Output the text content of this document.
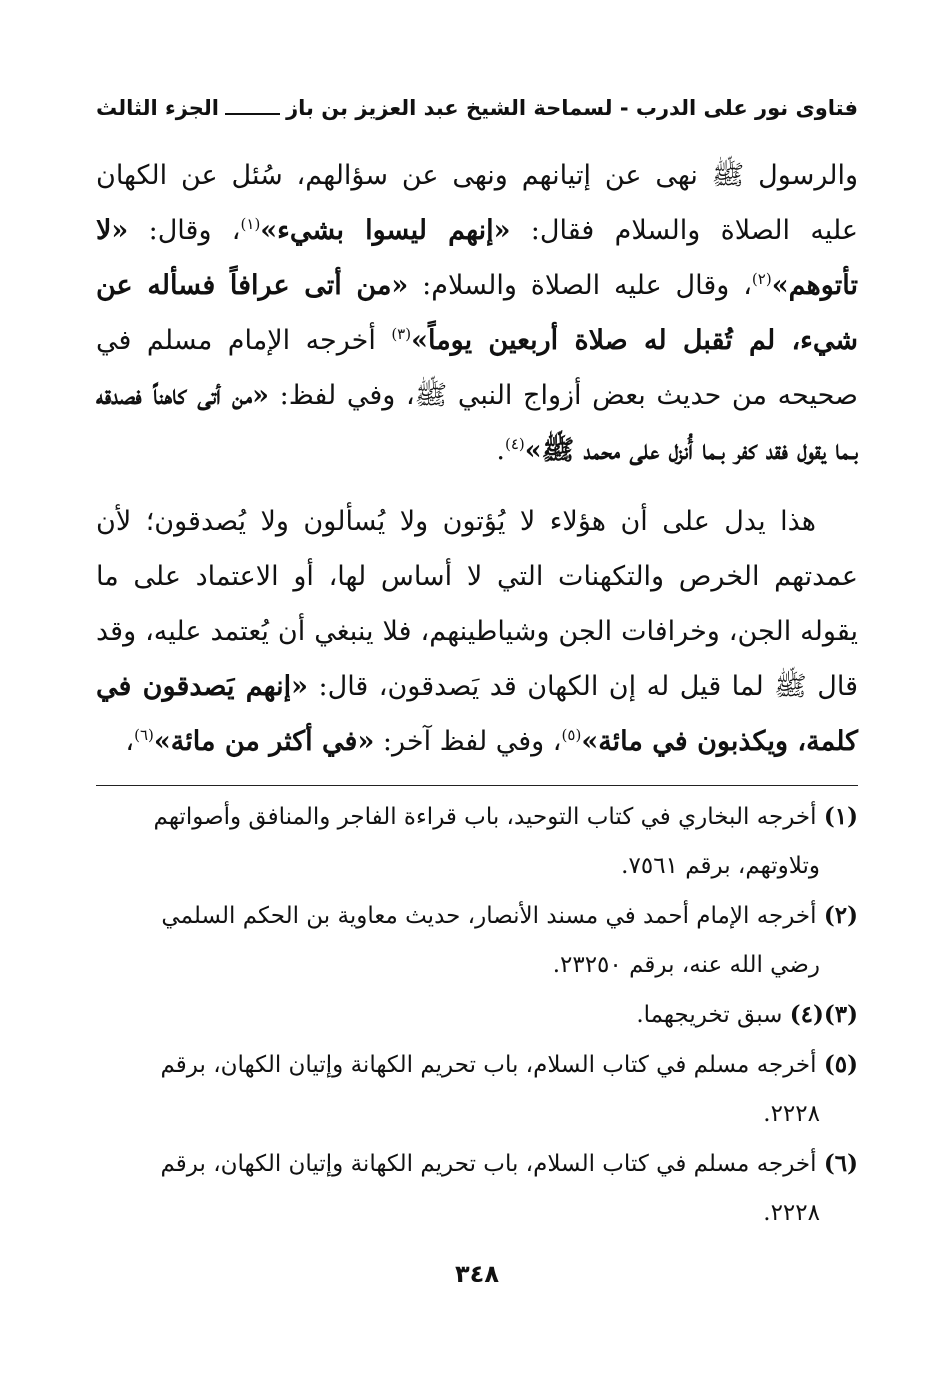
فتاوى نور على الدرب - لسماحة الشيخ عبد العزيز بن باز
الجزء الثالث

والرسول ﷺ نهى عن إتيانهم ونهى عن سؤالهم، سُئل عن الكهان عليه الصلاة والسلام فقال: «إنهم ليسوا بشيء»$^{(١)}$، وقال: «لا تأتوهم»$^{(٢)}$، وقال عليه الصلاة والسلام: «من أتى عرافاً فسأله عن شيء، لم تُقبل له صلاة أربعين يوماً»$^{(٣)}$ أخرجه الإمام مسلم في صحيحه من حديث بعض أزواج النبي ﷺ، وفي لفظ: «من أتى كاهناً فصدقه بـما يقول فقد كفر بـما أُنزل على محمد ﷺ»$^{(٤)}$.

هذا يدل على أن هؤلاء لا يُؤتون ولا يُسألون ولا يُصدقون؛ لأن عمدتهم الخرص والتكهنات التي لا أساس لها، أو الاعتماد على ما يقوله الجن، وخرافات الجن وشياطينهم، فلا ينبغي أن يُعتمد عليه، وقد قال ﷺ لما قيل له إن الكهان قد يَصدقون، قال: «إنهم يَصدقون في كلمة، ويكذبون في مائة»$^{(٥)}$، وفي لفظ آخر: «في أكثر من مائة»$^{(٦)}$،

(١) أخرجه البخاري في كتاب التوحيد، باب قراءة الفاجر والمنافق وأصواتهم
وتلاوتهم، برقم ٧٥٦١.

(٢) أخرجه الإمام أحمد في مسند الأنصار، حديث معاوية بن الحكم السلمي
رضي الله عنه، برقم ٢٣٢٥٠.

(٣)(٤) سبق تخريجهما.

(٥) أخرجه مسلم في كتاب السلام، باب تحريم الكهانة وإتيان الكهان، برقم
٢٢٢٨.

(٦) أخرجه مسلم في كتاب السلام، باب تحريم الكهانة وإتيان الكهان، برقم
٢٢٢٨.

٣٤٨
